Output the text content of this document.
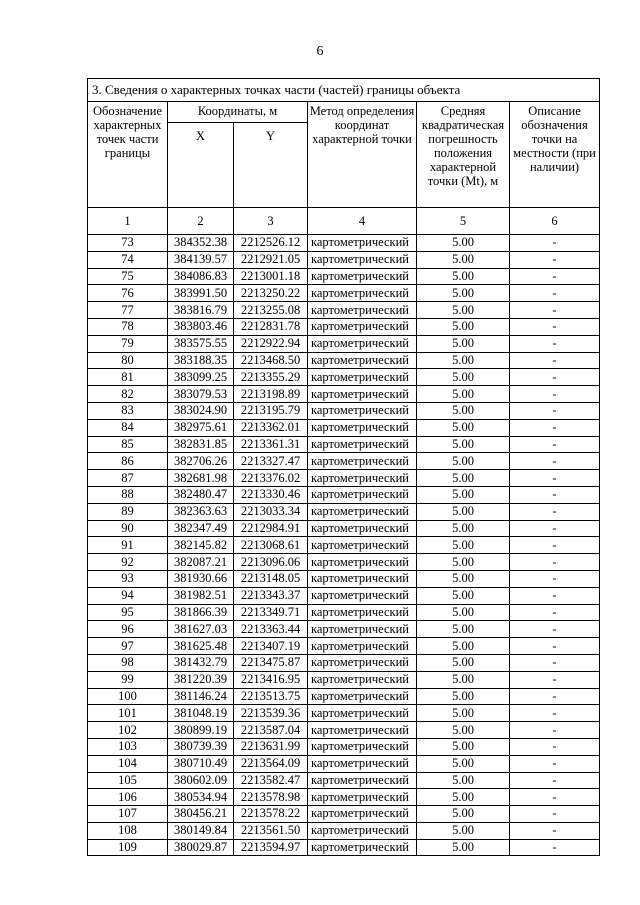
6
3. Сведения о характерных точках части (частей) границы объекта					
Обозначение характерных точек части границы	Координаты, м		Метод определения координат характерной точки	Средняя квадратическая погрешность положения характерной точки (Mt), м	Описание обозначения точки на местности (при наличии)
	X	Y			
1	2	3	4	5	6
73	384352.38	2212526.12	картометрический	5.00	-
74	384139.57	2212921.05	картометрический	5.00	-
75	384086.83	2213001.18	картометрический	5.00	-
76	383991.50	2213250.22	картометрический	5.00	-
77	383816.79	2213255.08	картометрический	5.00	-
78	383803.46	2212831.78	картометрический	5.00	-
79	383575.55	2212922.94	картометрический	5.00	-
80	383188.35	2213468.50	картометрический	5.00	-
81	383099.25	2213355.29	картометрический	5.00	-
82	383079.53	2213198.89	картометрический	5.00	-
83	383024.90	2213195.79	картометрический	5.00	-
84	382975.61	2213362.01	картометрический	5.00	-
85	382831.85	2213361.31	картометрический	5.00	-
86	382706.26	2213327.47	картометрический	5.00	-
87	382681.98	2213376.02	картометрический	5.00	-
88	382480.47	2213330.46	картометрический	5.00	-
89	382363.63	2213033.34	картометрический	5.00	-
90	382347.49	2212984.91	картометрический	5.00	-
91	382145.82	2213068.61	картометрический	5.00	-
92	382087.21	2213096.06	картометрический	5.00	-
93	381930.66	2213148.05	картометрический	5.00	-
94	381982.51	2213343.37	картометрический	5.00	-
95	381866.39	2213349.71	картометрический	5.00	-
96	381627.03	2213363.44	картометрический	5.00	-
97	381625.48	2213407.19	картометрический	5.00	-
98	381432.79	2213475.87	картометрический	5.00	-
99	381220.39	2213416.95	картометрический	5.00	-
100	381146.24	2213513.75	картометрический	5.00	-
101	381048.19	2213539.36	картометрический	5.00	-
102	380899.19	2213587.04	картометрический	5.00	-
103	380739.39	2213631.99	картометрический	5.00	-
104	380710.49	2213564.09	картометрический	5.00	-
105	380602.09	2213582.47	картометрический	5.00	-
106	380534.94	2213578.98	картометрический	5.00	-
107	380456.21	2213578.22	картометрический	5.00	-
108	380149.84	2213561.50	картометрический	5.00	-
109	380029.87	2213594.97	картометрический	5.00	-
